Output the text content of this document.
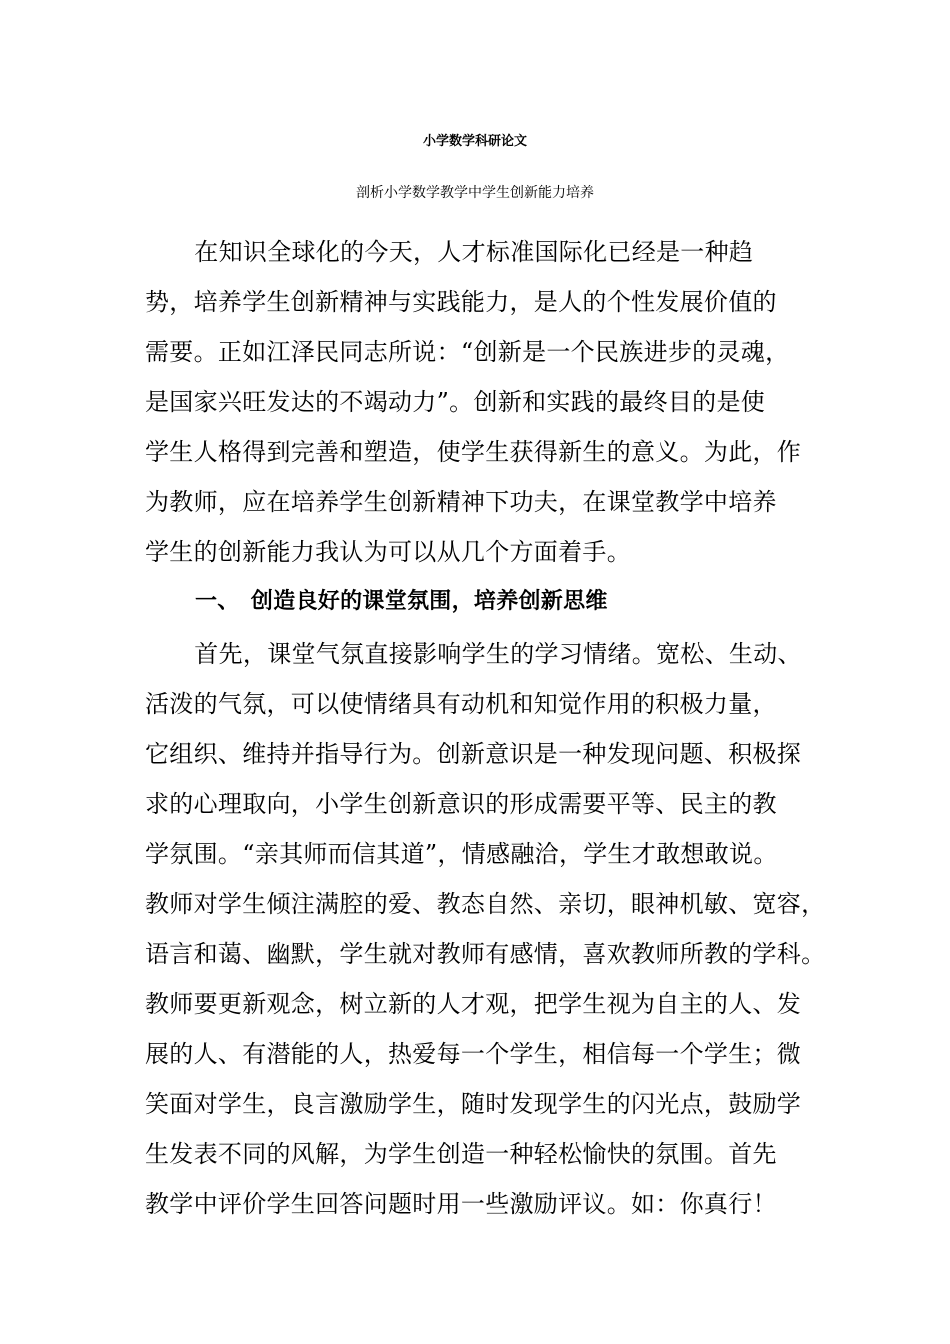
小学数学科研论文
剖析小学数学教学中学生创新能力培养
　在知识全球化的今天，人才标准国际化已经是一种趋
势，培养学生创新精神与实践能力，是人的个性发展价值的
需要。正如江泽民同志所说：“创新是一个民族进步的灵魂，
是国家兴旺发达的不竭动力”。创新和实践的最终目的是使
学生人格得到完善和塑造，使学生获得新生的意义。为此，作
为教师，应在培养学生创新精神下功夫，在课堂教学中培养
学生的创新能力我认为可以从几个方面着手。
一、　创造良好的课堂氛围，培养创新思维
　首先，课堂气氛直接影响学生的学习情绪。宽松、生动、
活泼的气氛，可以使情绪具有动机和知觉作用的积极力量，
它组织、维持并指导行为。创新意识是一种发现问题、积极探
求的心理取向，小学生创新意识的形成需要平等、民主的教
学氛围。“亲其师而信其道”，情感融洽，学生才敢想敢说。
教师对学生倾注满腔的爱、教态自然、亲切，眼神机敏、宽容，
语言和蔼、幽默，学生就对教师有感情，喜欢教师所教的学科。
教师要更新观念，树立新的人才观，把学生视为自主的人、发
展的人、有潜能的人，热爱每一个学生，相信每一个学生；微
笑面对学生，良言激励学生，随时发现学生的闪光点，鼓励学
生发表不同的风解，为学生创造一种轻松愉快的氛围。首先
教学中评价学生回答问题时用一些激励评议。如：你真行！
